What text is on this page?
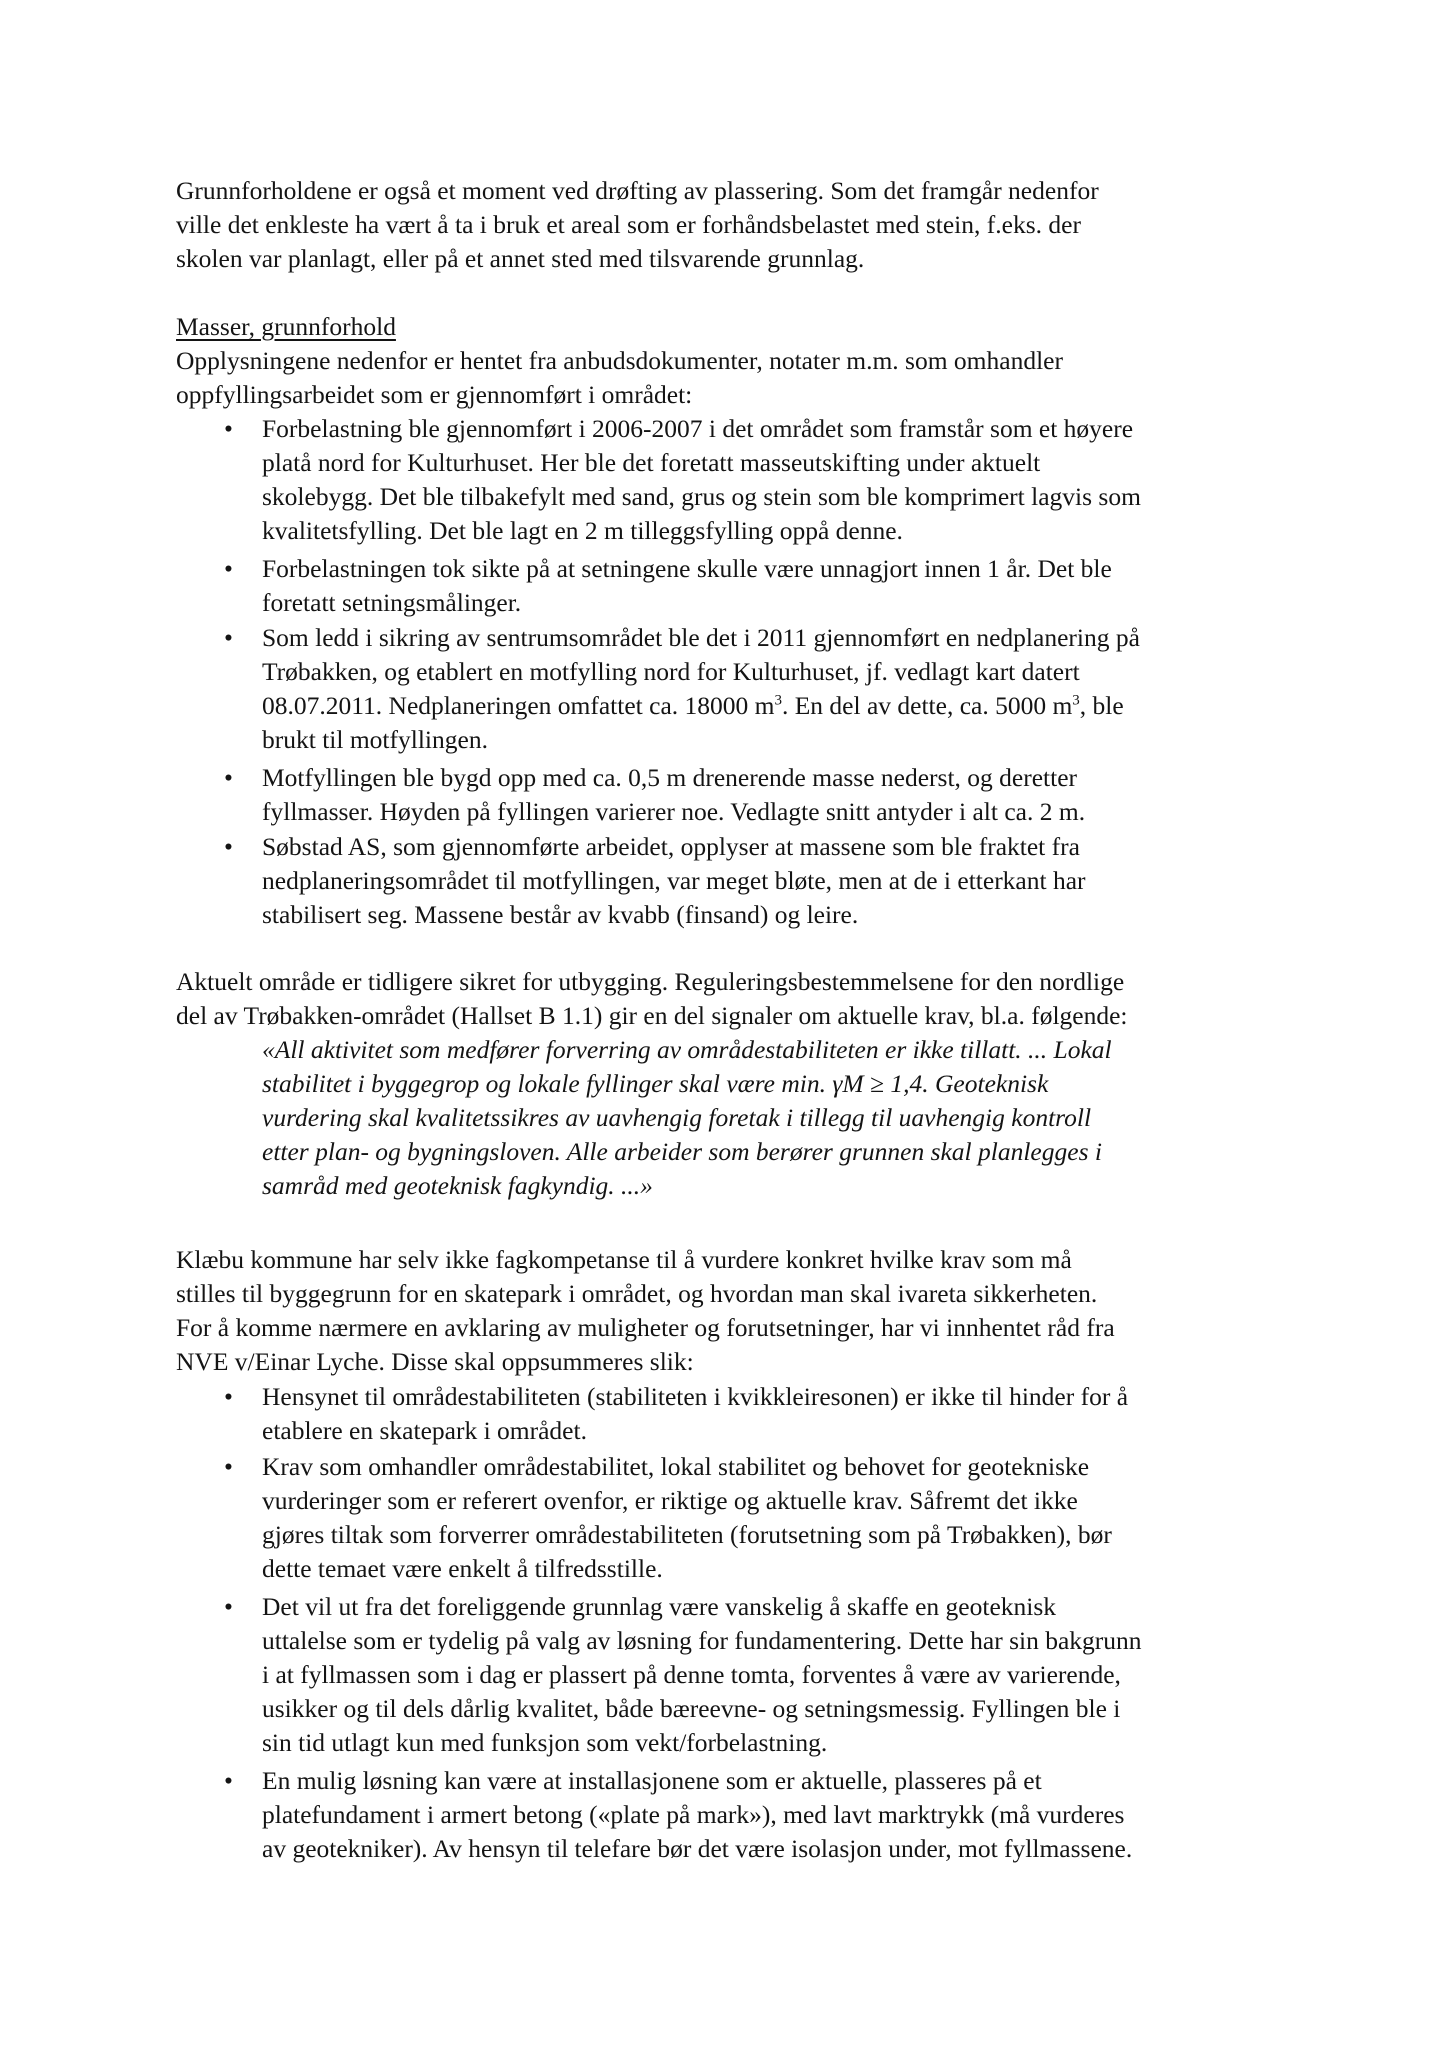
Grunnforholdene er også et moment ved drøfting av plassering. Som det framgår nedenfor
ville det enkleste ha vært å ta i bruk et areal som er forhåndsbelastet med stein, f.eks. der
skolen var planlagt, eller på et annet sted med tilsvarende grunnlag.
Masser, grunnforhold
Opplysningene nedenfor er hentet fra anbudsdokumenter, notater m.m. som omhandler
oppfyllingsarbeidet som er gjennomført i området:
• Forbelastning ble gjennomført i 2006-2007 i det området som framstår som et høyere
platå nord for Kulturhuset. Her ble det foretatt masseutskifting under aktuelt
skolebygg. Det ble tilbakefylt med sand, grus og stein som ble komprimert lagvis som
kvalitetsfylling. Det ble lagt en 2 m tilleggsfylling oppå denne.
• Forbelastningen tok sikte på at setningene skulle være unnagjort innen 1 år. Det ble
foretatt setningsmålinger.
• Som ledd i sikring av sentrumsområdet ble det i 2011 gjennomført en nedplanering på
Trøbakken, og etablert en motfylling nord for Kulturhuset, jf. vedlagt kart datert
08.07.2011. Nedplaneringen omfattet ca. 18000 $m^3$. En del av dette, ca. 5000 $m^3$, ble
brukt til motfyllingen.
• Motfyllingen ble bygd opp med ca. 0,5 m drenerende masse nederst, og deretter
fyllmasser. Høyden på fyllingen varierer noe. Vedlagte snitt antyder i alt ca. 2 m.
• Søbstad AS, som gjennomførte arbeidet, opplyser at massene som ble fraktet fra
nedplaneringsområdet til motfyllingen, var meget bløte, men at de i etterkant har
stabilisert seg. Massene består av kvabb (finsand) og leire.
Aktuelt område er tidligere sikret for utbygging. Reguleringsbestemmelsene for den nordlige
del av Trøbakken-området (Hallset B 1.1) gir en del signaler om aktuelle krav, bl.a. følgende:
«All aktivitet som medfører forverring av områdestabiliteten er ikke tillatt. ... Lokal
stabilitet i byggegrop og lokale fyllinger skal være min. γM ≥ 1,4. Geoteknisk
vurdering skal kvalitetssikres av uavhengig foretak i tillegg til uavhengig kontroll
etter plan- og bygningsloven. Alle arbeider som berører grunnen skal planlegges i
samråd med geoteknisk fagkyndig. ...»
Klæbu kommune har selv ikke fagkompetanse til å vurdere konkret hvilke krav som må
stilles til byggegrunn for en skatepark i området, og hvordan man skal ivareta sikkerheten.
For å komme nærmere en avklaring av muligheter og forutsetninger, har vi innhentet råd fra
NVE v/Einar Lyche. Disse skal oppsummeres slik:
• Hensynet til områdestabiliteten (stabiliteten i kvikkleiresonen) er ikke til hinder for å
etablere en skatepark i området.
• Krav som omhandler områdestabilitet, lokal stabilitet og behovet for geotekniske
vurderinger som er referert ovenfor, er riktige og aktuelle krav. Såfremt det ikke
gjøres tiltak som forverrer områdestabiliteten (forutsetning som på Trøbakken), bør
dette temaet være enkelt å tilfredsstille.
• Det vil ut fra det foreliggende grunnlag være vanskelig å skaffe en geoteknisk
uttalelse som er tydelig på valg av løsning for fundamentering. Dette har sin bakgrunn
i at fyllmassen som i dag er plassert på denne tomta, forventes å være av varierende,
usikker og til dels dårlig kvalitet, både bæreevne- og setningsmessig. Fyllingen ble i
sin tid utlagt kun med funksjon som vekt/forbelastning.
• En mulig løsning kan være at installasjonene som er aktuelle, plasseres på et
platefundament i armert betong («plate på mark»), med lavt marktrykk (må vurderes
av geotekniker). Av hensyn til telefare bør det være isolasjon under, mot fyllmassene.
